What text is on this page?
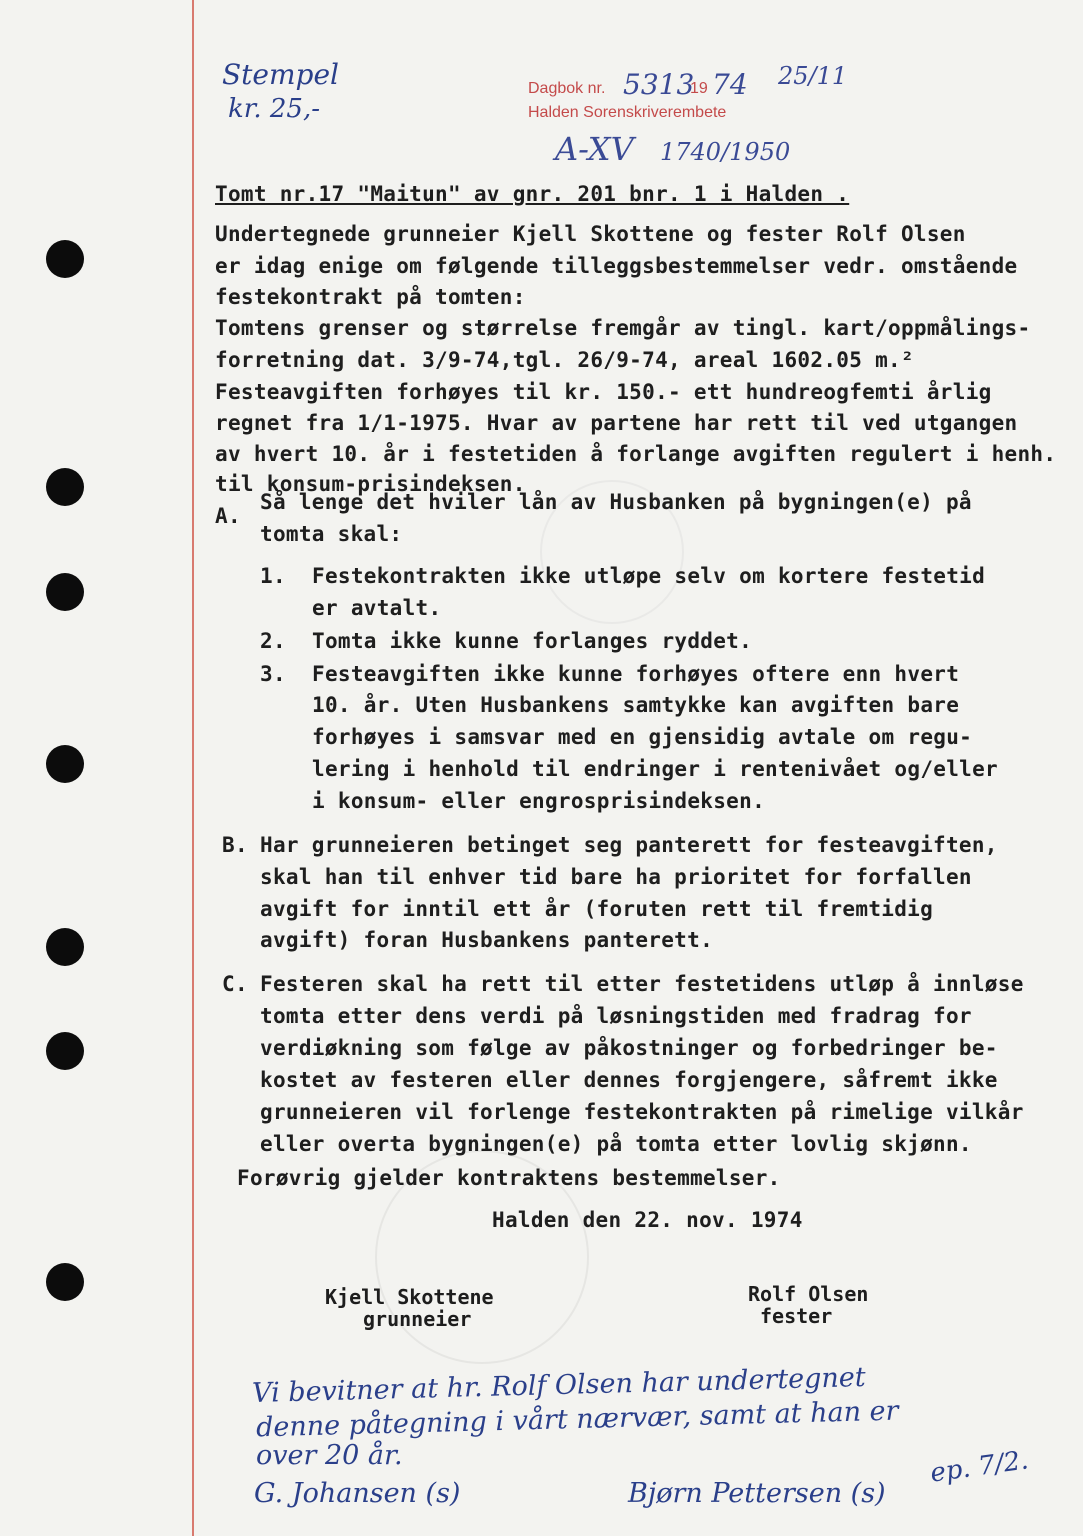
Stempel
kr. 25,-
Dagbok nr. 5313
19 74 25/11
Halden Sorenskriverembete
A-XV 1740/1950
Tomt nr.17 "Maitun" av gnr. 201 bnr. 1 i Halden .
Undertegnede grunneier Kjell Skottene og fester Rolf Olsen
er idag enige om følgende tilleggsbestemmelser vedr. omstående
festekontrakt på tomten:
Tomtens grenser og størrelse fremgår av tingl. kart/oppmålings-
forretning dat. 3/9-74,tgl. 26/9-74, areal 1602.05 m.²
Festeavgiften forhøyes til kr. 150.- ett hundreogfemti årlig
regnet fra 1/1-1975. Hvar av partene har rett til ved utgangen
av hvert 10. år i festetiden å forlange avgiften regulert i henh.
til konsum-prisindeksen.
A.
Så lenge det hviler lån av Husbanken på bygningen(e) på
tomta skal:
1. Festekontrakten ikke utløpe selv om kortere festetid
er avtalt.
2. Tomta ikke kunne forlanges ryddet.
3. Festeavgiften ikke kunne forhøyes oftere enn hvert
10. år. Uten Husbankens samtykke kan avgiften bare
forhøyes i samsvar med en gjensidig avtale om regu-
lering i henhold til endringer i rentenivået og/eller
i konsum- eller engrosprisindeksen.
B. Har grunneieren betinget seg panterett for festeavgiften,
skal han til enhver tid bare ha prioritet for forfallen
avgift for inntil ett år (foruten rett til fremtidig
avgift) foran Husbankens panterett.
C. Festeren skal ha rett til etter festetidens utløp å innløse
tomta etter dens verdi på løsningstiden med fradrag for
verdiøkning som følge av påkostninger og forbedringer be-
kostet av festeren eller dennes forgjengere, såfremt ikke
grunneieren vil forlenge festekontrakten på rimelige vilkår
eller overta bygningen(e) på tomta etter lovlig skjønn.
Forøvrig gjelder kontraktens bestemmelser.
Halden den 22. nov. 1974
Kjell Skottene
grunneier
Rolf Olsen
fester
Vi bevitner at hr. Rolf Olsen har undertegnet
denne påtegning i vårt nærvær, samt at han er
over 20 år.
G. Johansen (s)	Bjørn Pettersen (s)
ep. 7/2.
